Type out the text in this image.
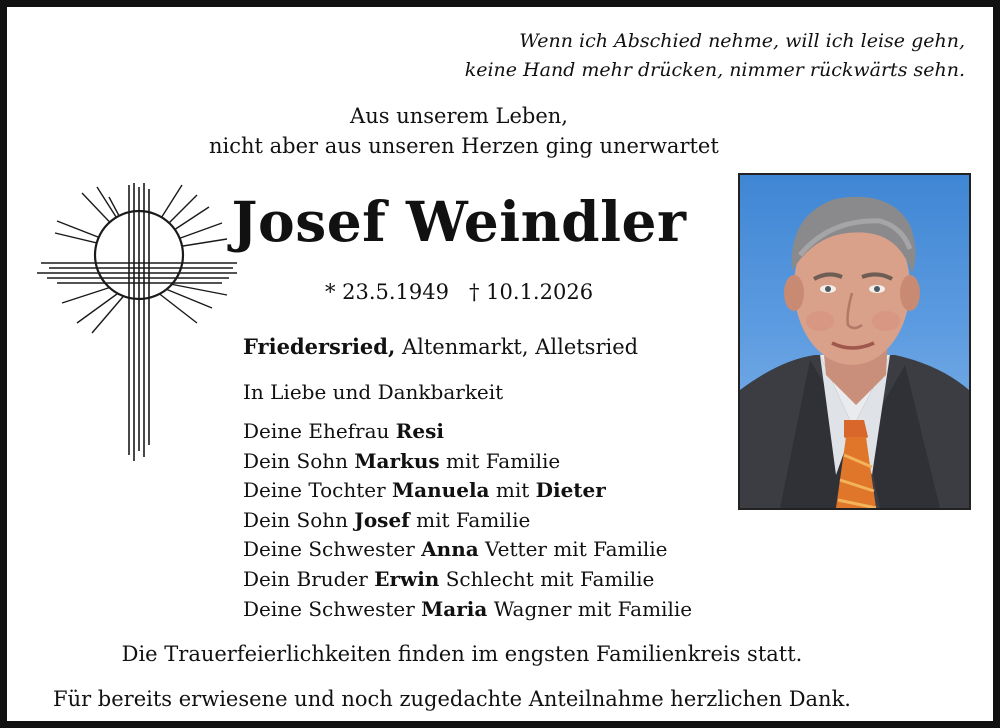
Wenn ich Abschied nehme, will ich leise gehn,
keine Hand mehr drücken, nimmer rückwärts sehn.
Aus unserem Leben,
nicht aber aus unseren Herzen ging unerwartet
Josef Weindler
* 23.5.1949 † 10.1.2026
Friedersried, Altenmarkt, Alletsried
In Liebe und Dankbarkeit
Deine Ehefrau Resi
Dein Sohn Markus mit Familie
Deine Tochter Manuela mit Dieter
Dein Sohn Josef mit Familie
Deine Schwester Anna Vetter mit Familie
Dein Bruder Erwin Schlecht mit Familie
Deine Schwester Maria Wagner mit Familie
Die Trauerfeierlichkeiten finden im engsten Familienkreis statt.
Für bereits erwiesene und noch zugedachte Anteilnahme herzlichen Dank.
